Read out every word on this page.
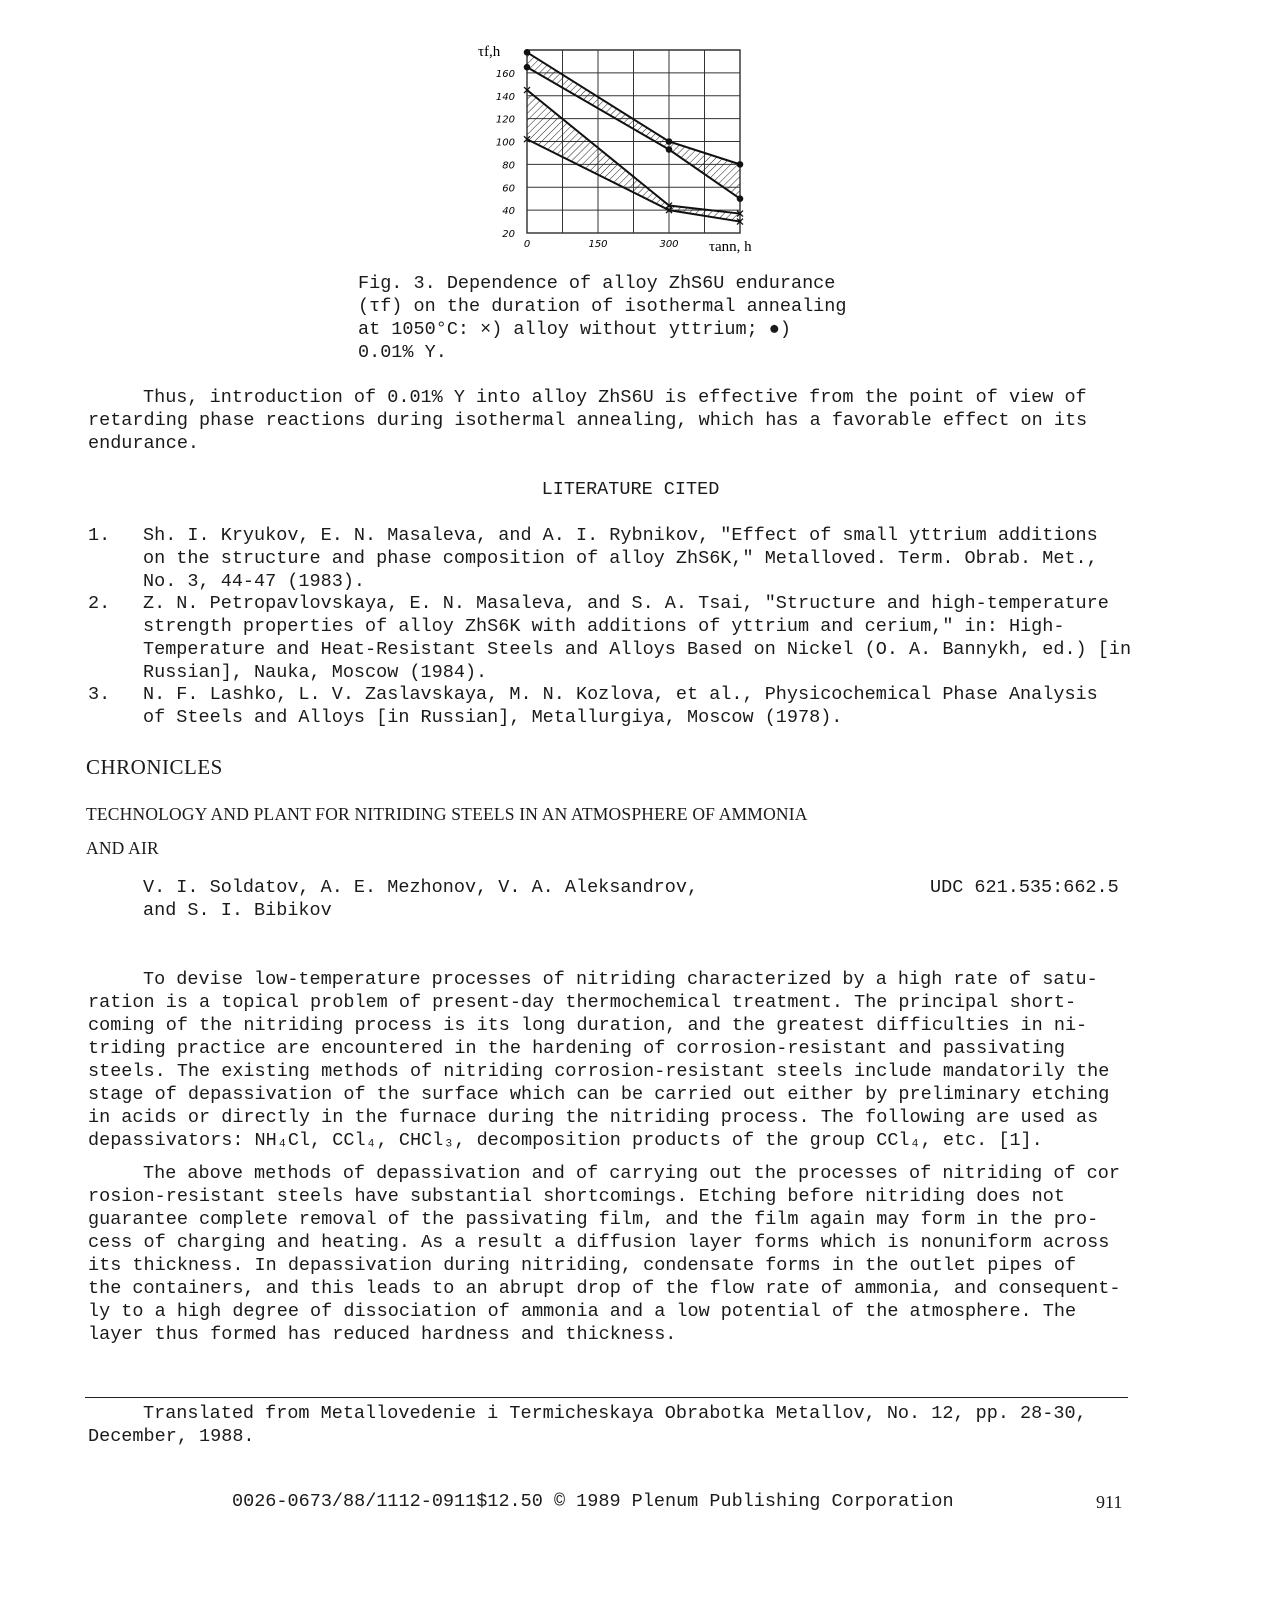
20
40
60
80
100
120
140
160
0	150	300
τf,h
τann, h
Fig. 3. Dependence of alloy ZhS6U endurance
(τf) on the duration of isothermal annealing
at 1050°C: ×) alloy without yttrium; ●)
0.01% Y.
Thus, introduction of 0.01% Y into alloy ZhS6U is effective from the point of view of
retarding phase reactions during isothermal annealing, which has a favorable effect on its
endurance.
LITERATURE CITED
1. Sh. I. Kryukov, E. N. Masaleva, and A. I. Rybnikov, "Effect of small yttrium additions
on the structure and phase composition of alloy ZhS6K," Metalloved. Term. Obrab. Met.,
No. 3, 44-47 (1983).
2. Z. N. Petropavlovskaya, E. N. Masaleva, and S. A. Tsai, "Structure and high-temperature
strength properties of alloy ZhS6K with additions of yttrium and cerium," in: High-
Temperature and Heat-Resistant Steels and Alloys Based on Nickel (O. A. Bannykh, ed.) [in
Russian], Nauka, Moscow (1984).
3. N. F. Lashko, L. V. Zaslavskaya, M. N. Kozlova, et al., Physicochemical Phase Analysis
of Steels and Alloys [in Russian], Metallurgiya, Moscow (1978).
CHRONICLES
TECHNOLOGY AND PLANT FOR NITRIDING STEELS IN AN ATMOSPHERE OF AMMONIA
AND AIR
V. I. Soldatov, A. E. Mezhonov, V. A. Aleksandrov,
and S. I. Bibikov
UDC 621.535:662.5
To devise low-temperature processes of nitriding characterized by a high rate of satu-
ration is a topical problem of present-day thermochemical treatment. The principal short-
coming of the nitriding process is its long duration, and the greatest difficulties in ni-
triding practice are encountered in the hardening of corrosion-resistant and passivating
steels. The existing methods of nitriding corrosion-resistant steels include mandatorily the
stage of depassivation of the surface which can be carried out either by preliminary etching
in acids or directly in the furnace during the nitriding process. The following are used as
depassivators: NH₄Cl, CCl₄, CHCl₃, decomposition products of the group CCl₄, etc. [1].
The above methods of depassivation and of carrying out the processes of nitriding of cor
rosion-resistant steels have substantial shortcomings. Etching before nitriding does not
guarantee complete removal of the passivating film, and the film again may form in the pro-
cess of charging and heating. As a result a diffusion layer forms which is nonuniform across
its thickness. In depassivation during nitriding, condensate forms in the outlet pipes of
the containers, and this leads to an abrupt drop of the flow rate of ammonia, and consequent-
ly to a high degree of dissociation of ammonia and a low potential of the atmosphere. The
layer thus formed has reduced hardness and thickness.
Translated from Metallovedenie i Termicheskaya Obrabotka Metallov, No. 12, pp. 28-30,
December, 1988.
0026-0673/88/1112-0911$12.50 © 1989 Plenum Publishing Corporation	911
